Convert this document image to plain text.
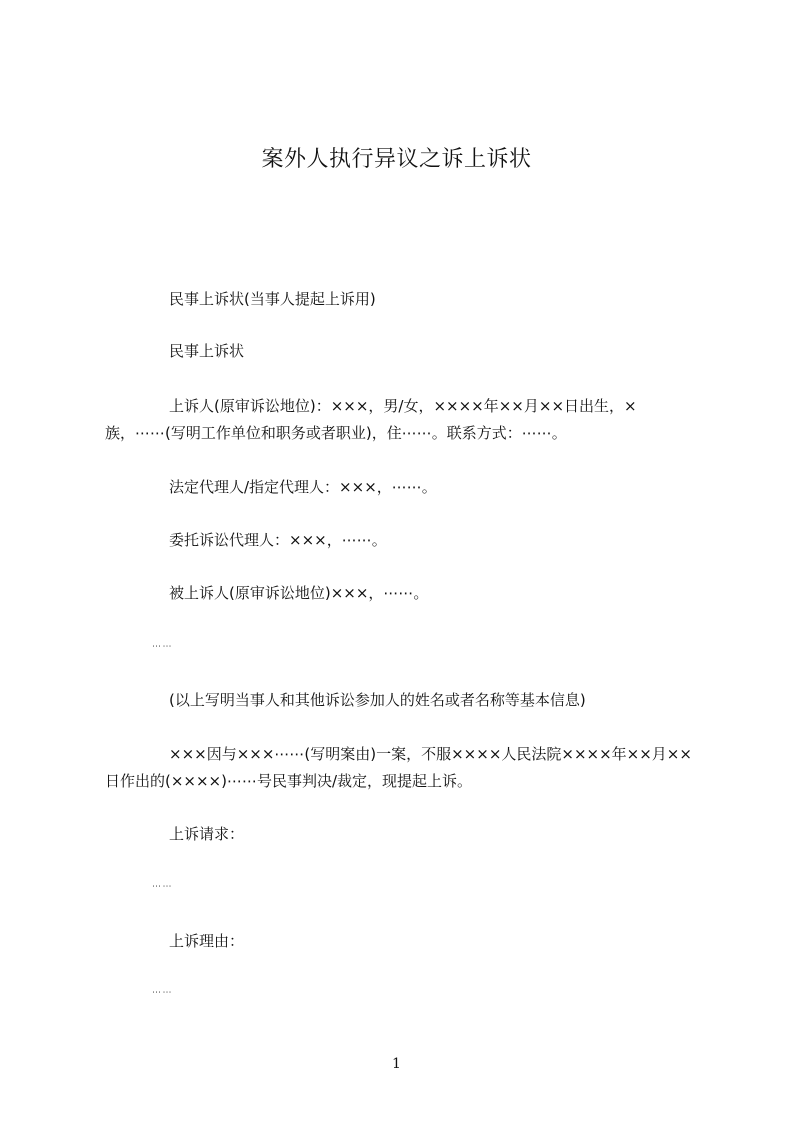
案外人执行异议之诉上诉状
民事上诉状(当事人提起上诉用)
民事上诉状
上诉人(原审诉讼地位)：×××，男/女，××××年××月××日出生，×族，⋯⋯(写明工作单位和职务或者职业)，住⋯⋯。联系方式：⋯⋯。
法定代理人/指定代理人：×××，⋯⋯。
委托诉讼代理人：×××，⋯⋯。
被上诉人(原审诉讼地位)×××，⋯⋯。
⋯⋯
(以上写明当事人和其他诉讼参加人的姓名或者名称等基本信息)
×××因与×××⋯⋯(写明案由)一案，不服××××人民法院××××年××月××日作出的(××××)⋯⋯号民事判决/裁定，现提起上诉。
上诉请求：
⋯⋯
上诉理由：
⋯⋯
1
